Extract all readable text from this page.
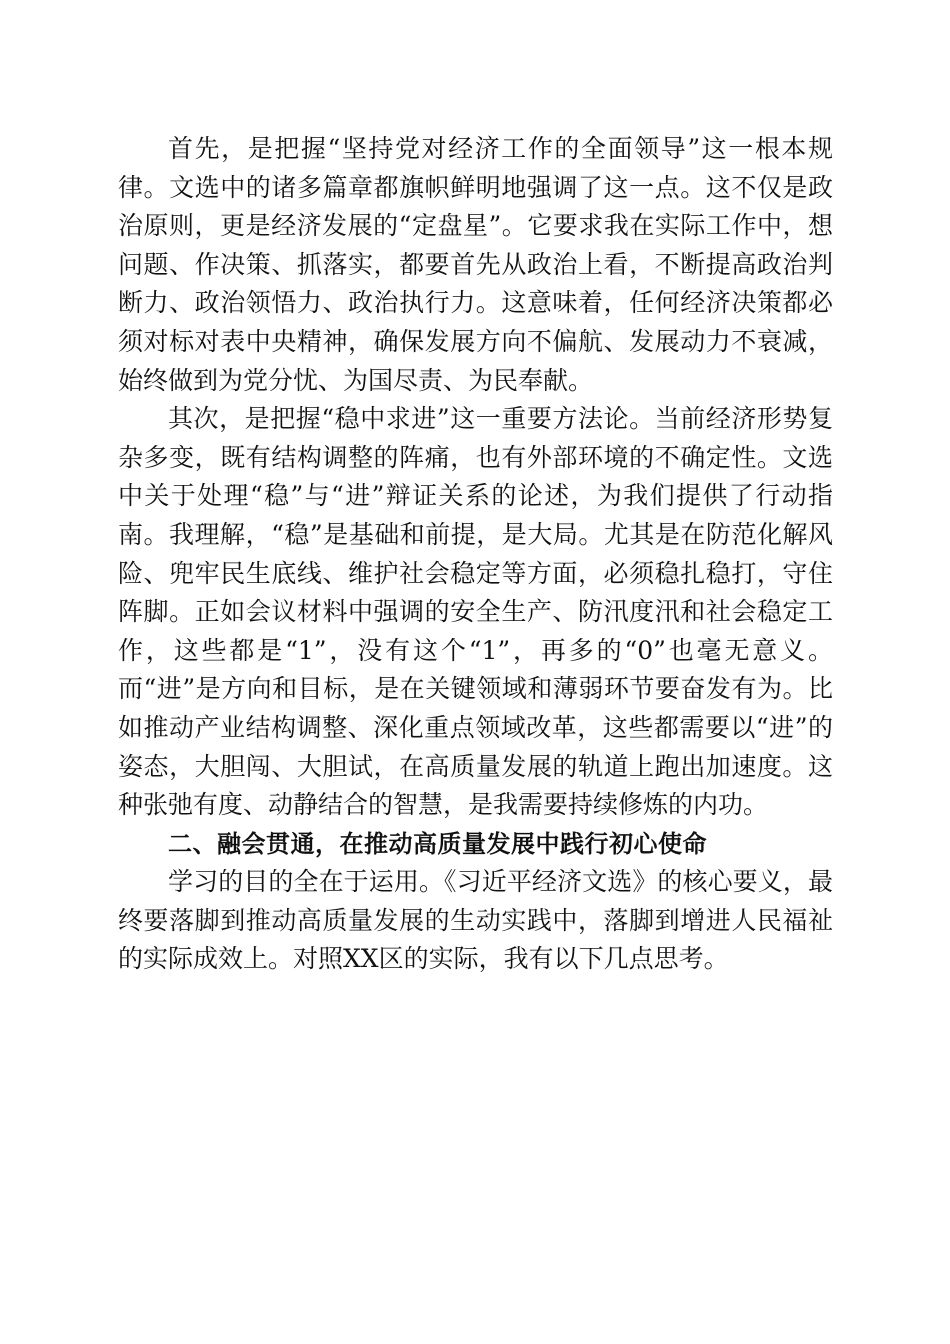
首先，是把握“坚持党对经济工作的全面领导”这一根本规律。文选中的诸多篇章都旗帜鲜明地强调了这一点。这不仅是政治原则，更是经济发展的“定盘星”。它要求我在实际工作中，想问题、作决策、抓落实，都要首先从政治上看，不断提高政治判断力、政治领悟力、政治执行力。这意味着，任何经济决策都必须对标对表中央精神，确保发展方向不偏航、发展动力不衰减，始终做到为党分忧、为国尽责、为民奉献。

其次，是把握“稳中求进”这一重要方法论。当前经济形势复杂多变，既有结构调整的阵痛，也有外部环境的不确定性。文选中关于处理“稳”与“进”辩证关系的论述，为我们提供了行动指南。我理解，“稳”是基础和前提，是大局。尤其是在防范化解风险、兜牢民生底线、维护社会稳定等方面，必须稳扎稳打，守住阵脚。正如会议材料中强调的安全生产、防汛度汛和社会稳定工作，这些都是“1”，没有这个“1”，再多的“0”也毫无意义。而“进”是方向和目标，是在关键领域和薄弱环节要奋发有为。比如推动产业结构调整、深化重点领域改革，这些都需要以“进”的姿态，大胆闯、大胆试，在高质量发展的轨道上跑出加速度。这种张弛有度、动静结合的智慧，是我需要持续修炼的内功。

二、融会贯通，在推动高质量发展中践行初心使命

学习的目的全在于运用。《习近平经济文选》的核心要义，最终要落脚到推动高质量发展的生动实践中，落脚到增进人民福祉的实际成效上。对照XX区的实际，我有以下几点思考。
